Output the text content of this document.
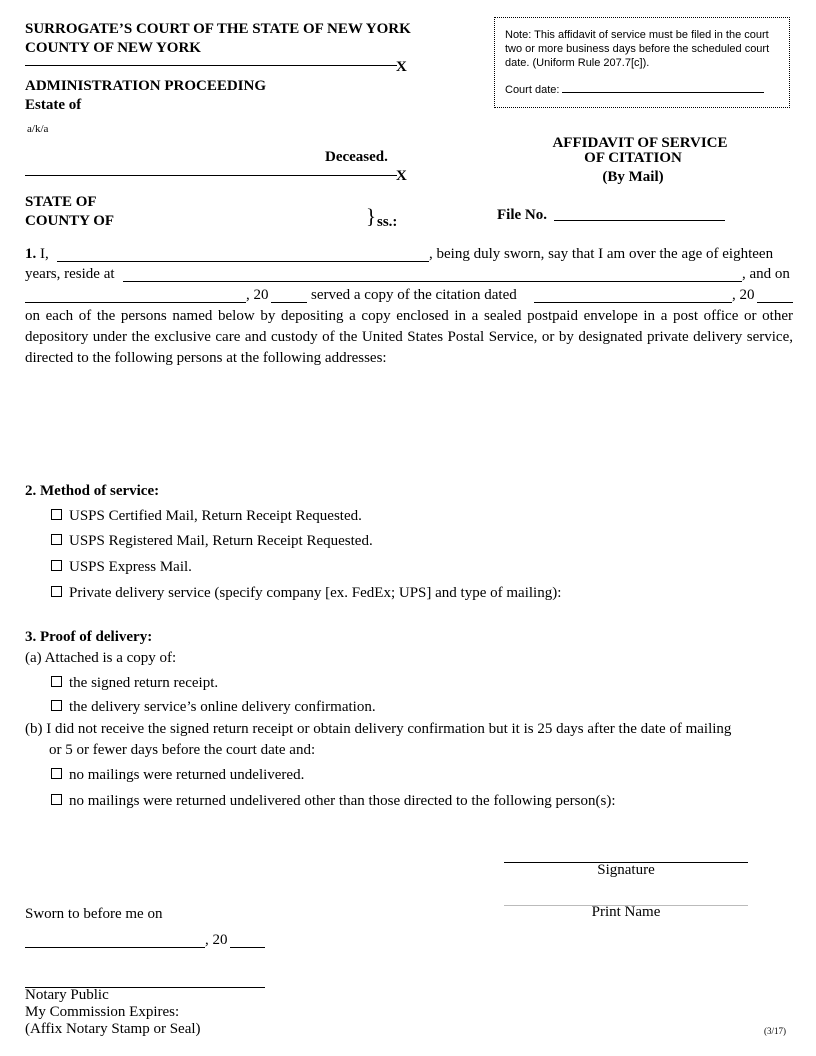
SURROGATE’S COURT OF THE STATE OF NEW YORK
COUNTY OF NEW YORK
X
ADMINISTRATION PROCEEDING
Estate of
a/k/a
Deceased.
X
STATE OF
COUNTY OF	} ss.:
Note: This affidavit of service must be filed in the court two or more business days before the scheduled court date. (Uniform Rule 207.7[c]).
Court date:
AFFIDAVIT OF SERVICE
OF CITATION
(By Mail)
File No.
1. I,	, being duly sworn, say that I am over the age of eighteen
years, reside at	, and on
, 20	served a copy of the citation dated	, 20
on each of the persons named below by depositing a copy enclosed in a sealed postpaid envelope in a post office or other depository under the exclusive care and custody of the United States Postal Service, or by designated private delivery service, directed to the following persons at the following addresses:
2. Method of service:
USPS Certified Mail, Return Receipt Requested.
USPS Registered Mail, Return Receipt Requested.
USPS Express Mail.
Private delivery service (specify company [ex. FedEx; UPS] and type of mailing):
3. Proof of delivery:
(a) Attached is a copy of:
the signed return receipt.
the delivery service’s online delivery confirmation.
(b) I did not receive the signed return receipt or obtain delivery confirmation but it is 25 days after the date of mailing
or 5 or fewer days before the court date and:
no mailings were returned undelivered.
no mailings were returned undelivered other than those directed to the following person(s):
Signature
Print Name
Sworn to before me on
, 20
Notary Public
My Commission Expires:
(Affix Notary Stamp or Seal)	(3/17)
